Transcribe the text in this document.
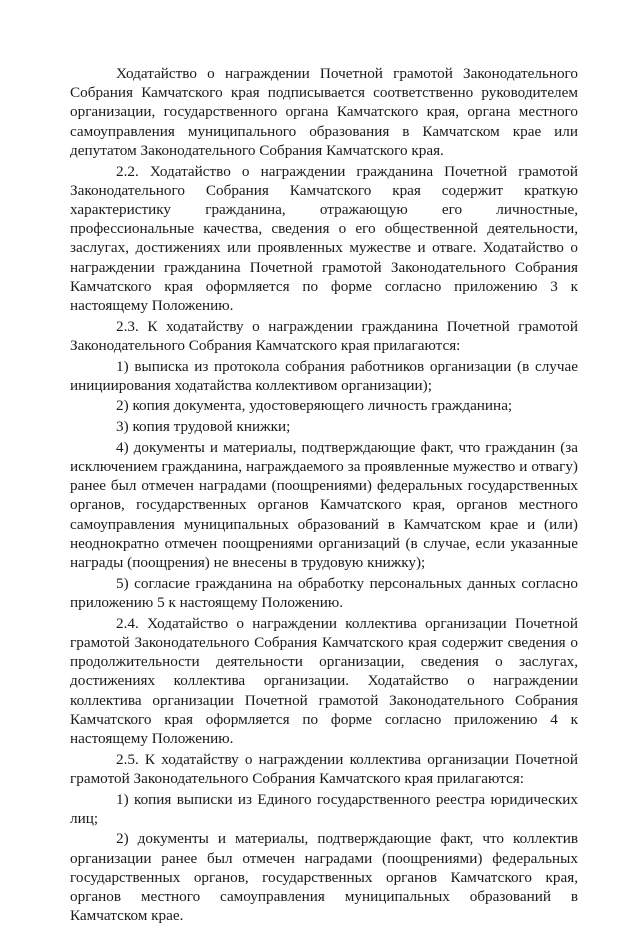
Ходатайство о награждении Почетной грамотой Законодательного Собрания Камчатского края подписывается соответственно руководителем организации, государственного органа Камчатского края, органа местного самоуправления муниципального образования в Камчатском крае или депутатом Законодательного Собрания Камчатского края.

2.2. Ходатайство о награждении гражданина Почетной грамотой Законодательного Собрания Камчатского края содержит краткую характеристику гражданина, отражающую его личностные, профессиональные качества, сведения о его общественной деятельности, заслугах, достижениях или проявленных мужестве и отваге. Ходатайство о награждении гражданина Почетной грамотой Законодательного Собрания Камчатского края оформляется по форме согласно приложению 3 к настоящему Положению.

2.3. К ходатайству о награждении гражданина Почетной грамотой Законодательного Собрания Камчатского края прилагаются:

1) выписка из протокола собрания работников организации (в случае инициирования ходатайства коллективом организации);

2) копия документа, удостоверяющего личность гражданина;

3) копия трудовой книжки;

4) документы и материалы, подтверждающие факт, что гражданин (за исключением гражданина, награждаемого за проявленные мужество и отвагу) ранее был отмечен наградами (поощрениями) федеральных государственных органов, государственных органов Камчатского края, органов местного самоуправления муниципальных образований в Камчатском крае и (или) неоднократно отмечен поощрениями организаций (в случае, если указанные награды (поощрения) не внесены в трудовую книжку);

5) согласие гражданина на обработку персональных данных согласно приложению 5 к настоящему Положению.

2.4. Ходатайство о награждении коллектива организации Почетной грамотой Законодательного Собрания Камчатского края содержит сведения о продолжительности деятельности организации, сведения о заслугах, достижениях коллектива организации. Ходатайство о награждении коллектива организации Почетной грамотой Законодательного Собрания Камчатского края оформляется по форме согласно приложению 4 к настоящему Положению.

2.5. К ходатайству о награждении коллектива организации Почетной грамотой Законодательного Собрания Камчатского края прилагаются:

1) копия выписки из Единого государственного реестра юридических лиц;

2) документы и материалы, подтверждающие факт, что коллектив организации ранее был отмечен наградами (поощрениями) федеральных государственных органов, государственных органов Камчатского края, органов местного самоуправления муниципальных образований в Камчатском крае.
